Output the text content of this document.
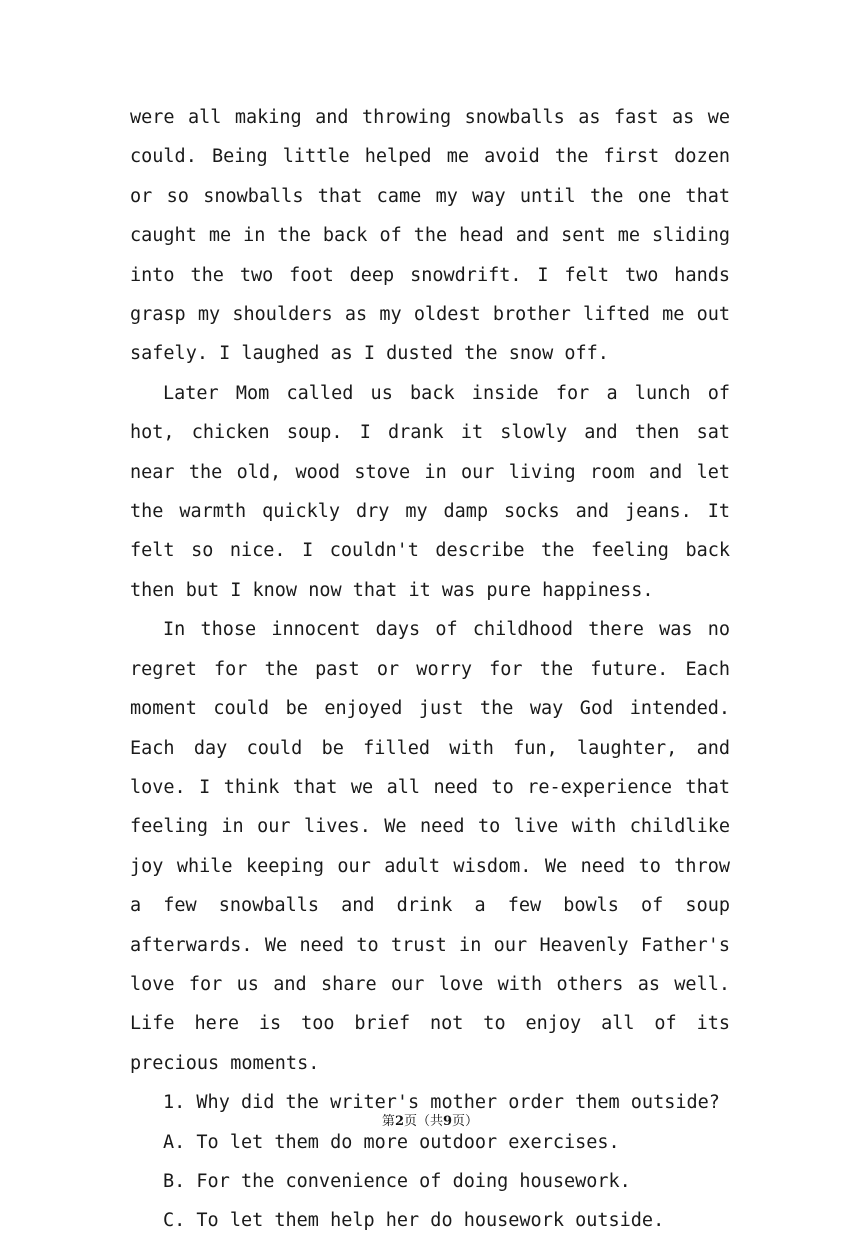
were all making and throwing snowballs as fast as we could. Being little helped me avoid the first dozen or so snowballs that came my way until the one that caught me in the back of the head and sent me sliding into the two foot deep snowdrift. I felt two hands grasp my shoulders as my oldest brother lifted me out safely. I laughed as I dusted the snow off.

Later Mom called us back inside for a lunch of hot, chicken soup. I drank it slowly and then sat near the old, wood stove in our living room and let the warmth quickly dry my damp socks and jeans. It felt so nice. I couldn't describe the feeling back then but I know now that it was pure happiness.

In those innocent days of childhood there was no regret for the past or worry for the future. Each moment could be enjoyed just the way God intended. Each day could be filled with fun, laughter, and love. I think that we all need to re-experience that feeling in our lives. We need to live with childlike joy while keeping our adult wisdom. We need to throw a few snowballs and drink a few bowls of soup afterwards. We need to trust in our Heavenly Father's love for us and share our love with others as well. Life here is too brief not to enjoy all of its precious moments.

1. Why did the writer's mother order them outside?

A. To let them do more outdoor exercises.

B. For the convenience of doing housework.

C. To let them help her do housework outside.

第2页（共9页）
